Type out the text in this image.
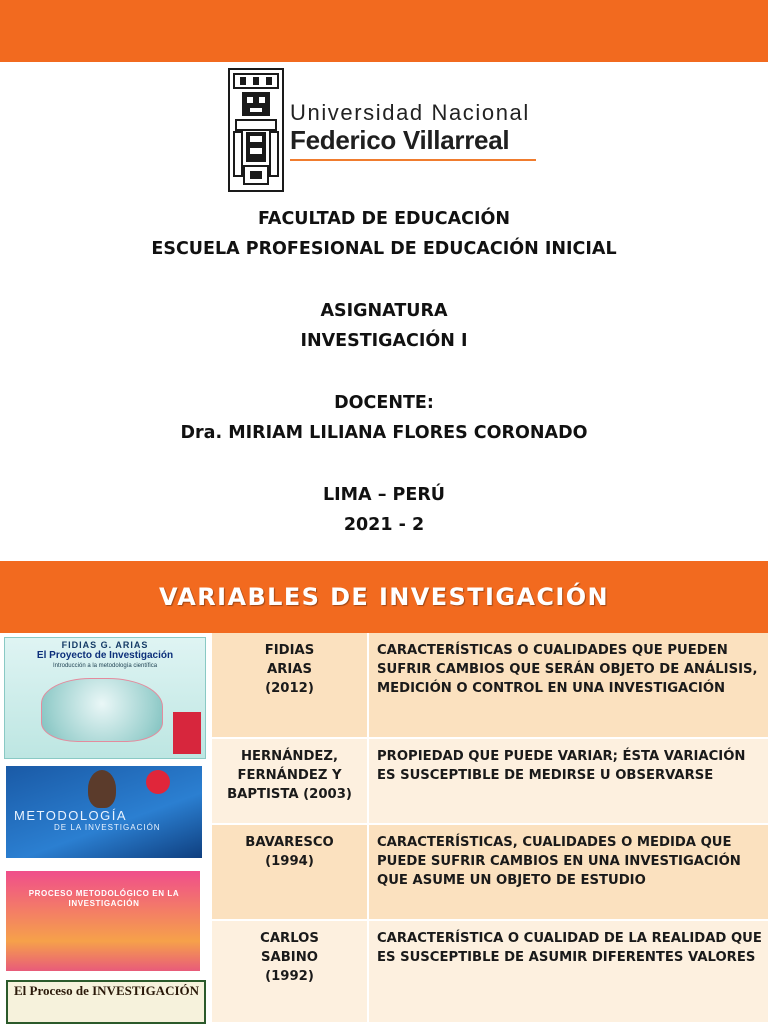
Universidad Nacional
Federico Villarreal
FACULTAD DE EDUCACIÓN
ESCUELA PROFESIONAL DE EDUCACIÓN INICIAL
ASIGNATURA
INVESTIGACIÓN I
DOCENTE:
Dra. MIRIAM LILIANA FLORES CORONADO
LIMA – PERÚ
2021 - 2
VARIABLES DE INVESTIGACIÓN
FIDIAS G. ARIAS
El Proyecto de Investigación
Introducción a la metodología científica
METODOLOGÍA
DE LA INVESTIGACIÓN
PROCESO METODOLÓGICO EN LA INVESTIGACIÓN
El Proceso de INVESTIGACIÓN
FIDIAS
ARIAS
(2012)
CARACTERÍSTICAS O CUALIDADES QUE PUEDEN SUFRIR CAMBIOS QUE SERÁN OBJETO DE ANÁLISIS, MEDICIÓN O CONTROL EN UNA INVESTIGACIÓN
HERNÁNDEZ,
FERNÁNDEZ Y
BAPTISTA (2003)
PROPIEDAD QUE PUEDE VARIAR; ÉSTA VARIACIÓN ES SUSCEPTIBLE DE MEDIRSE U OBSERVARSE
BAVARESCO
(1994)
CARACTERÍSTICAS, CUALIDADES O MEDIDA QUE PUEDE SUFRIR CAMBIOS EN UNA INVESTIGACIÓN QUE ASUME UN OBJETO DE ESTUDIO
CARLOS
SABINO
(1992)
CARACTERÍSTICA O CUALIDAD DE LA REALIDAD QUE ES SUSCEPTIBLE DE ASUMIR DIFERENTES VALORES
